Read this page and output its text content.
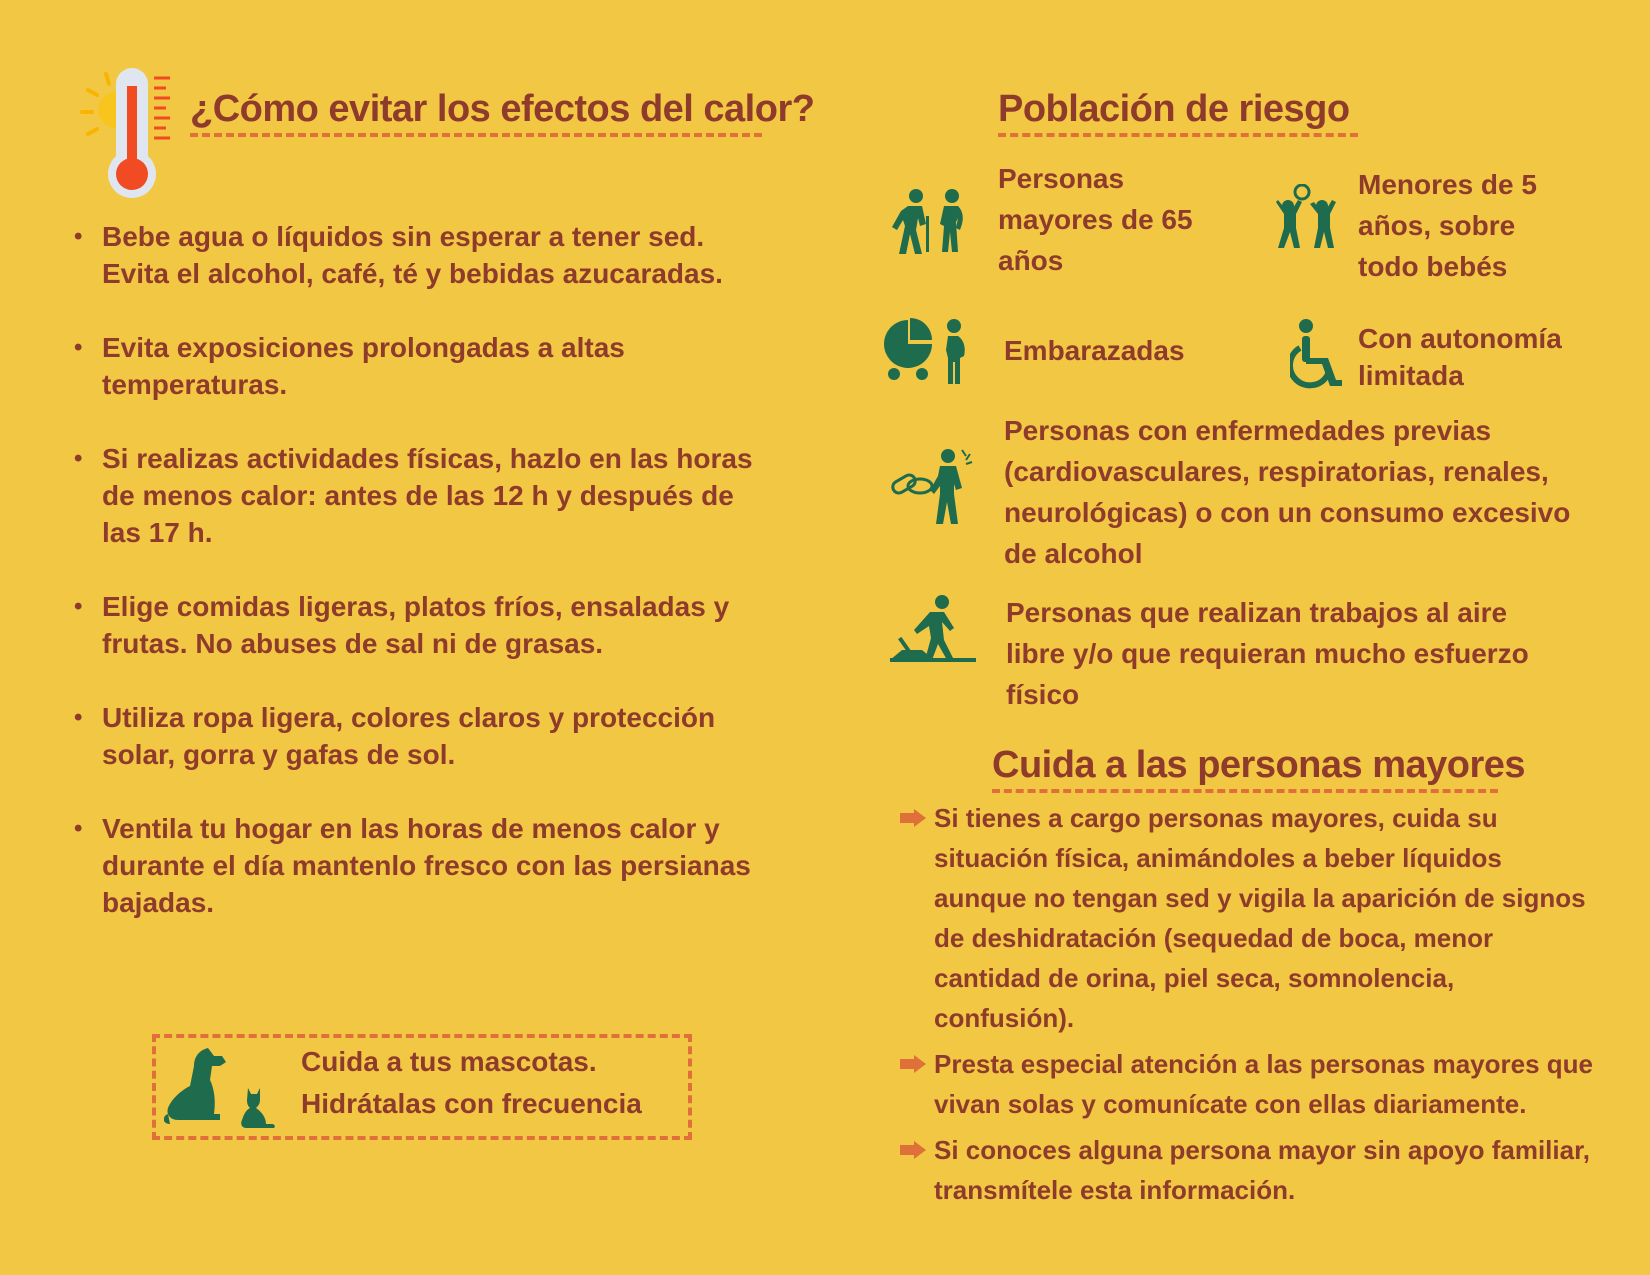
¿Cómo evitar los efectos del calor?
• Bebe agua o líquidos sin esperar a tener sed. Evita el alcohol, café, té y bebidas azucaradas.
• Evita exposiciones prolongadas a altas temperaturas.
• Si realizas actividades físicas, hazlo en las horas de menos calor: antes de las 12 h y después de las 17 h.
• Elige comidas ligeras, platos fríos, ensaladas y frutas. No abuses de sal ni de grasas.
• Utiliza ropa ligera, colores claros y protección solar, gorra y gafas de sol.
• Ventila tu hogar en las horas de menos calor y durante el día mantenlo fresco con las persianas bajadas.
Cuida a tus mascotas.
Hidrátalas con frecuencia
Población de riesgo
Personas mayores de 65 años
Menores de 5 años, sobre todo bebés
Embarazadas	Con autonomía limitada
Personas con enfermedades previas (cardiovasculares, respiratorias, renales, neurológicas) o con un consumo excesivo de alcohol
Personas que realizan trabajos al aire libre y/o que requieran mucho esfuerzo físico
Cuida a las personas mayores
Si tienes a cargo personas mayores, cuida su situación física, animándoles a beber líquidos aunque no tengan sed y vigila la aparición de signos de deshidratación (sequedad de boca, menor cantidad de orina, piel seca, somnolencia, confusión).
Presta especial atención a las personas mayores que vivan solas y comunícate con ellas diariamente.
Si conoces alguna persona mayor sin apoyo familiar, transmítele esta información.
